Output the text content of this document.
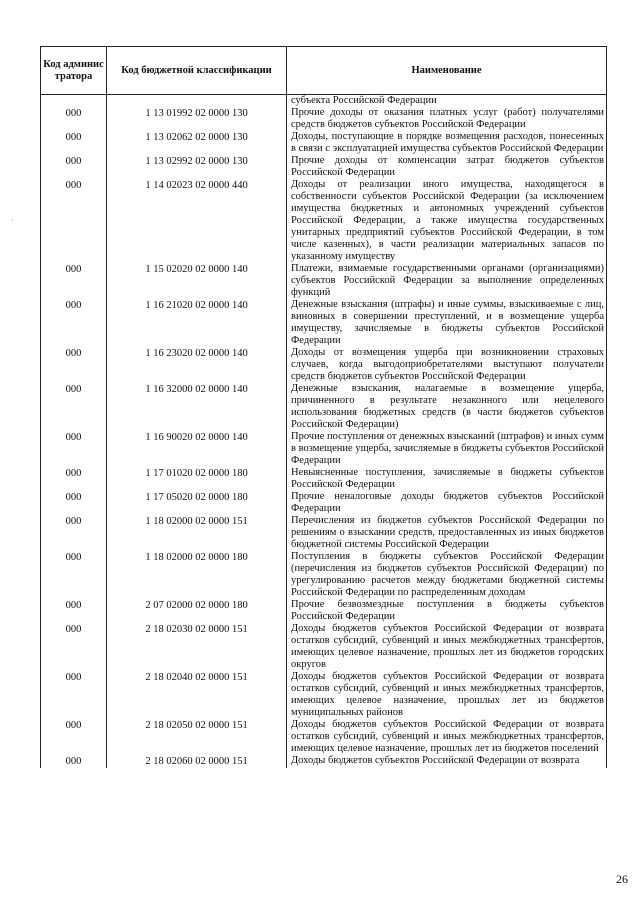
·
Код админис тратора	Код бюджетной классификации	Наименование
		субъекта Российской Федерации
000	1 13 01992 02 0000 130	Прочие доходы от оказания платных услуг (работ) получателями средств бюджетов субъектов Российской Федерации
000	1 13 02062 02 0000 130	Доходы, поступающие в порядке возмещения расходов, понесенных в связи с эксплуатацией имущества субъектов Российской Федерации
000	1 13 02992 02 0000 130	Прочие доходы от компенсации затрат бюджетов субъектов Российской Федерации
000	1 14 02023 02 0000 440	Доходы от реализации иного имущества, находящегося в собственности субъектов Российской Федерации (за исключением имущества бюджетных и автономных учреждений субъектов Российской Федерации, а также имущества государственных унитарных предприятий субъектов Российской Федерации, в том числе казенных), в части реализации материальных запасов по указанному имуществу
000	1 15 02020 02 0000 140	Платежи, взимаемые государственными органами (организациями) субъектов Российской Федерации за выполнение определенных функций
000	1 16 21020 02 0000 140	Денежные взыскания (штрафы) и иные суммы, взыскиваемые с лиц, виновных в совершении преступлений, и в возмещение ущерба имуществу, зачисляемые в бюджеты субъектов Российской Федерации
000	1 16 23020 02 0000 140	Доходы от возмещения ущерба при возникновении страховых случаев, когда выгодоприобретателями выступают получатели средств бюджетов субъектов Российской Федерации
000	1 16 32000 02 0000 140	Денежные взыскания, налагаемые в возмещение ущерба, причиненного в результате незаконного или нецелевого использования бюджетных средств (в части бюджетов субъектов Российской Федерации)
000	1 16 90020 02 0000 140	Прочие поступления от денежных взысканий (штрафов) и иных сумм в возмещение ущерба, зачисляемые в бюджеты субъектов Российской Федерации
000	1 17 01020 02 0000 180	Невыясненные поступления, зачисляемые в бюджеты субъектов Российской Федерации
000	1 17 05020 02 0000 180	Прочие неналоговые доходы бюджетов субъектов Российской Федерации
000	1 18 02000 02 0000 151	Перечисления из бюджетов субъектов Российской Федерации по решениям о взыскании средств, предоставленных из иных бюджетов бюджетной системы Российской Федерации
000	1 18 02000 02 0000 180	Поступления в бюджеты субъектов Российской Федерации (перечисления из бюджетов субъектов Российской Федерации) по урегулированию расчетов между бюджетами бюджетной системы Российской Федерации по распределенным доходам
000	2 07 02000 02 0000 180	Прочие безвозмездные поступления в бюджеты субъектов Российской Федерации
000	2 18 02030 02 0000 151	Доходы бюджетов субъектов Российской Федерации от возврата остатков субсидий, субвенций и иных межбюджетных трансфертов, имеющих целевое назначение, прошлых лет из бюджетов городских округов
000	2 18 02040 02 0000 151	Доходы бюджетов субъектов Российской Федерации от возврата остатков субсидий, субвенций и иных межбюджетных трансфертов, имеющих целевое назначение, прошлых лет из бюджетов муниципальных районов
000	2 18 02050 02 0000 151	Доходы бюджетов субъектов Российской Федерации от возврата остатков субсидий, субвенций и иных межбюджетных трансфертов, имеющих целевое назначение, прошлых лет из бюджетов поселений
000	2 18 02060 02 0000 151	Доходы бюджетов субъектов Российской Федерации от возврата
26
